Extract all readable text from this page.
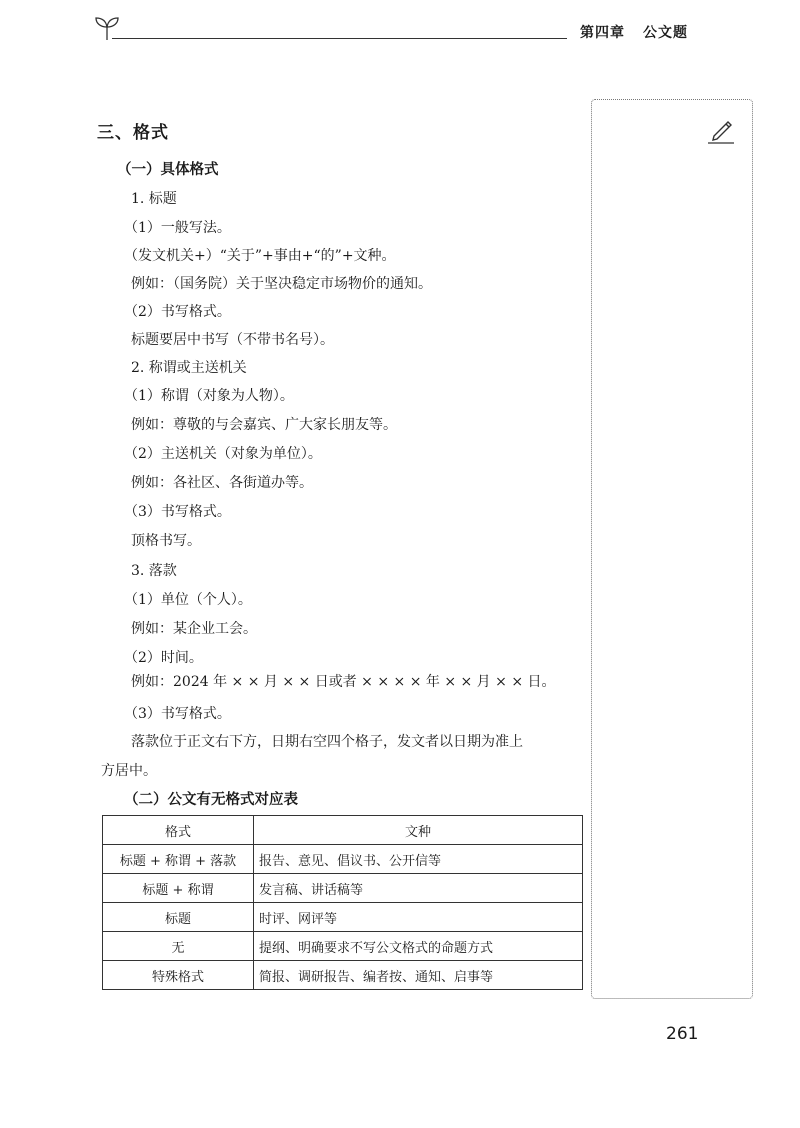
第四章 公文题
三、格式
（一）具体格式
1. 标题
（1）一般写法。
（发文机关+）“关于”+事由+“的”+文种。
例如：（国务院）关于坚决稳定市场物价的通知。
（2）书写格式。
标题要居中书写（不带书名号）。
2. 称谓或主送机关
（1）称谓（对象为人物）。
例如：尊敬的与会嘉宾、广大家长朋友等。
（2）主送机关（对象为单位）。
例如：各社区、各街道办等。
（3）书写格式。
顶格书写。
3. 落款
（1）单位（个人）。
例如：某企业工会。
（2）时间。
例如：2024 年 × × 月 × × 日或者 × × × × 年 × × 月 × × 日。
（3）书写格式。
落款位于正文右下方，日期右空四个格子，发文者以日期为准上
方居中。
（二）公文有无格式对应表
格式	文种
标题 + 称谓 + 落款	报告、意见、倡议书、公开信等
标题 + 称谓	发言稿、讲话稿等
标题	时评、网评等
无	提纲、明确要求不写公文格式的命题方式
特殊格式	简报、调研报告、编者按、通知、启事等
261
